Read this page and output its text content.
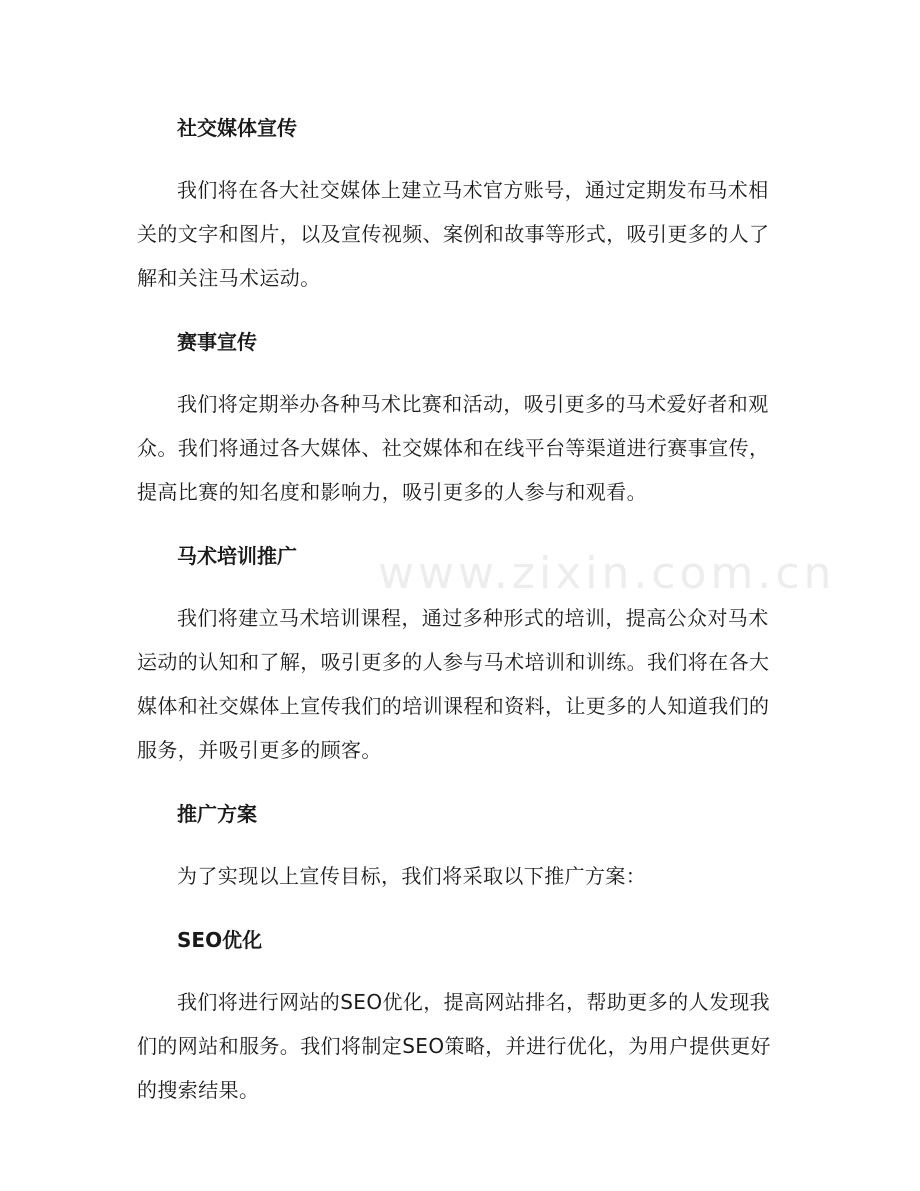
www.zixin.com.cn

社交媒体宣传

我们将在各大社交媒体上建立马术官方账号，通过定期发布马术相关的文字和图片，以及宣传视频、案例和故事等形式，吸引更多的人了解和关注马术运动。

赛事宣传

我们将定期举办各种马术比赛和活动，吸引更多的马术爱好者和观众。我们将通过各大媒体、社交媒体和在线平台等渠道进行赛事宣传，提高比赛的知名度和影响力，吸引更多的人参与和观看。

马术培训推广

我们将建立马术培训课程，通过多种形式的培训，提高公众对马术运动的认知和了解，吸引更多的人参与马术培训和训练。我们将在各大媒体和社交媒体上宣传我们的培训课程和资料，让更多的人知道我们的服务，并吸引更多的顾客。

推广方案

为了实现以上宣传目标，我们将采取以下推广方案：

SEO优化

我们将进行网站的SEO优化，提高网站排名，帮助更多的人发现我们的网站和服务。我们将制定SEO策略，并进行优化，为用户提供更好的搜索结果。
